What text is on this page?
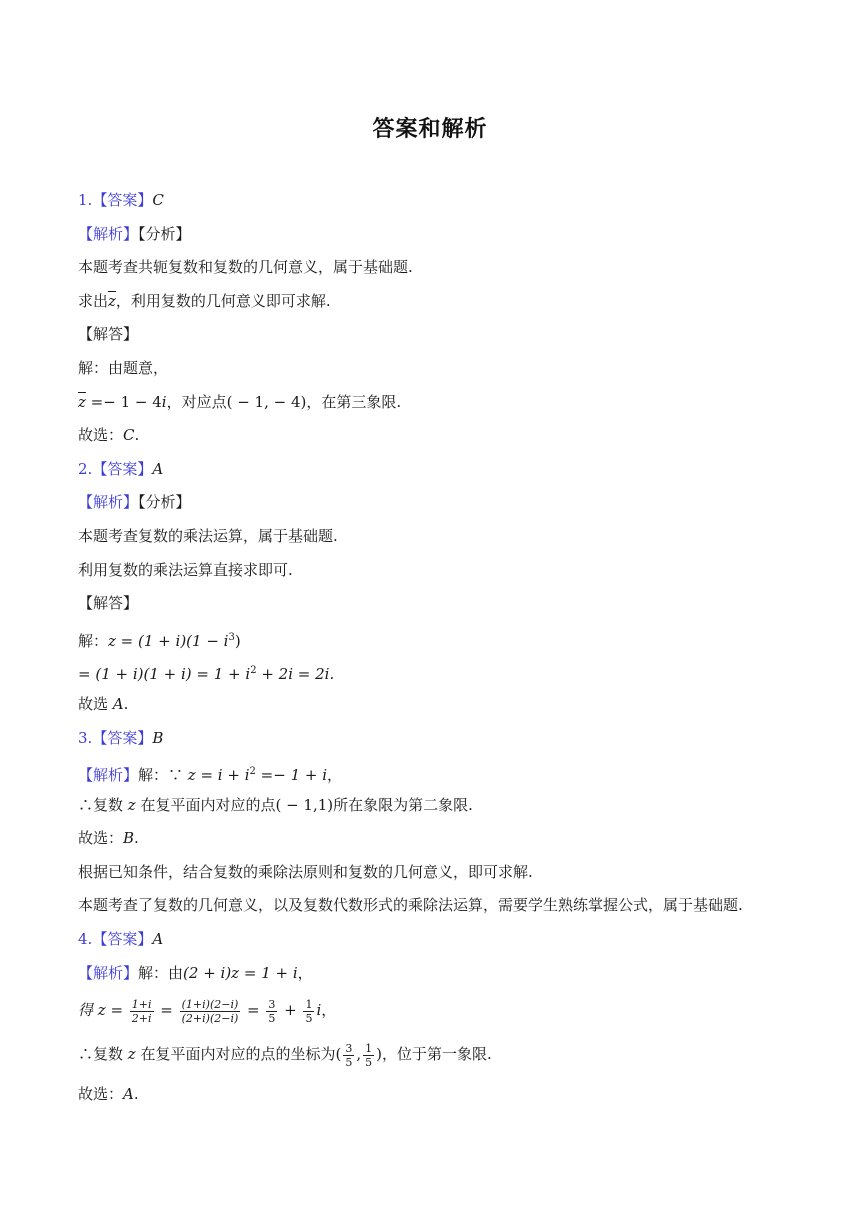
答案和解析
1.【答案】C
【解析】【分析】
本题考查共轭复数和复数的几何意义，属于基础题.
求出$\overline{z}$，利用复数的几何意义即可求解.
【解答】
解：由题意，
$\overline{z} =- 1 - 4i$，对应点( − 1, − 4)，在第三象限.
故选：C.
2.【答案】A
【解析】【分析】
本题考查复数的乘法运算，属于基础题.
利用复数的乘法运算直接求即可.
【解答】
解：$z = (1 + i)(1 - i^3)$
= $(1 + i)(1 + i) = 1 + i^2 + 2i = 2i$.
故选 A.
3.【答案】B
【解析】解：∵ $z = i + i^2 =- 1 + i$，
∴复数 z 在复平面内对应的点( − 1,1)所在象限为第二象限.
故选：B.
根据已知条件，结合复数的乘除法原则和复数的几何意义，即可求解.
本题考查了复数的几何意义，以及复数代数形式的乘除法运算，需要学生熟练掌握公式，属于基础题.
4.【答案】A
【解析】解：由(2 + i)z = 1 + i，
得 $z = \frac{1+i}{2+i} = \frac{(1+i)(2-i)}{(2+i)(2-i)} = \frac{3}{5} + \frac{1}{5}$ i，
∴复数 z 在复平面内对应的点的坐标为( $\frac{3}{5}$ , $\frac{1}{5}$ )，位于第一象限.
故选：A.
